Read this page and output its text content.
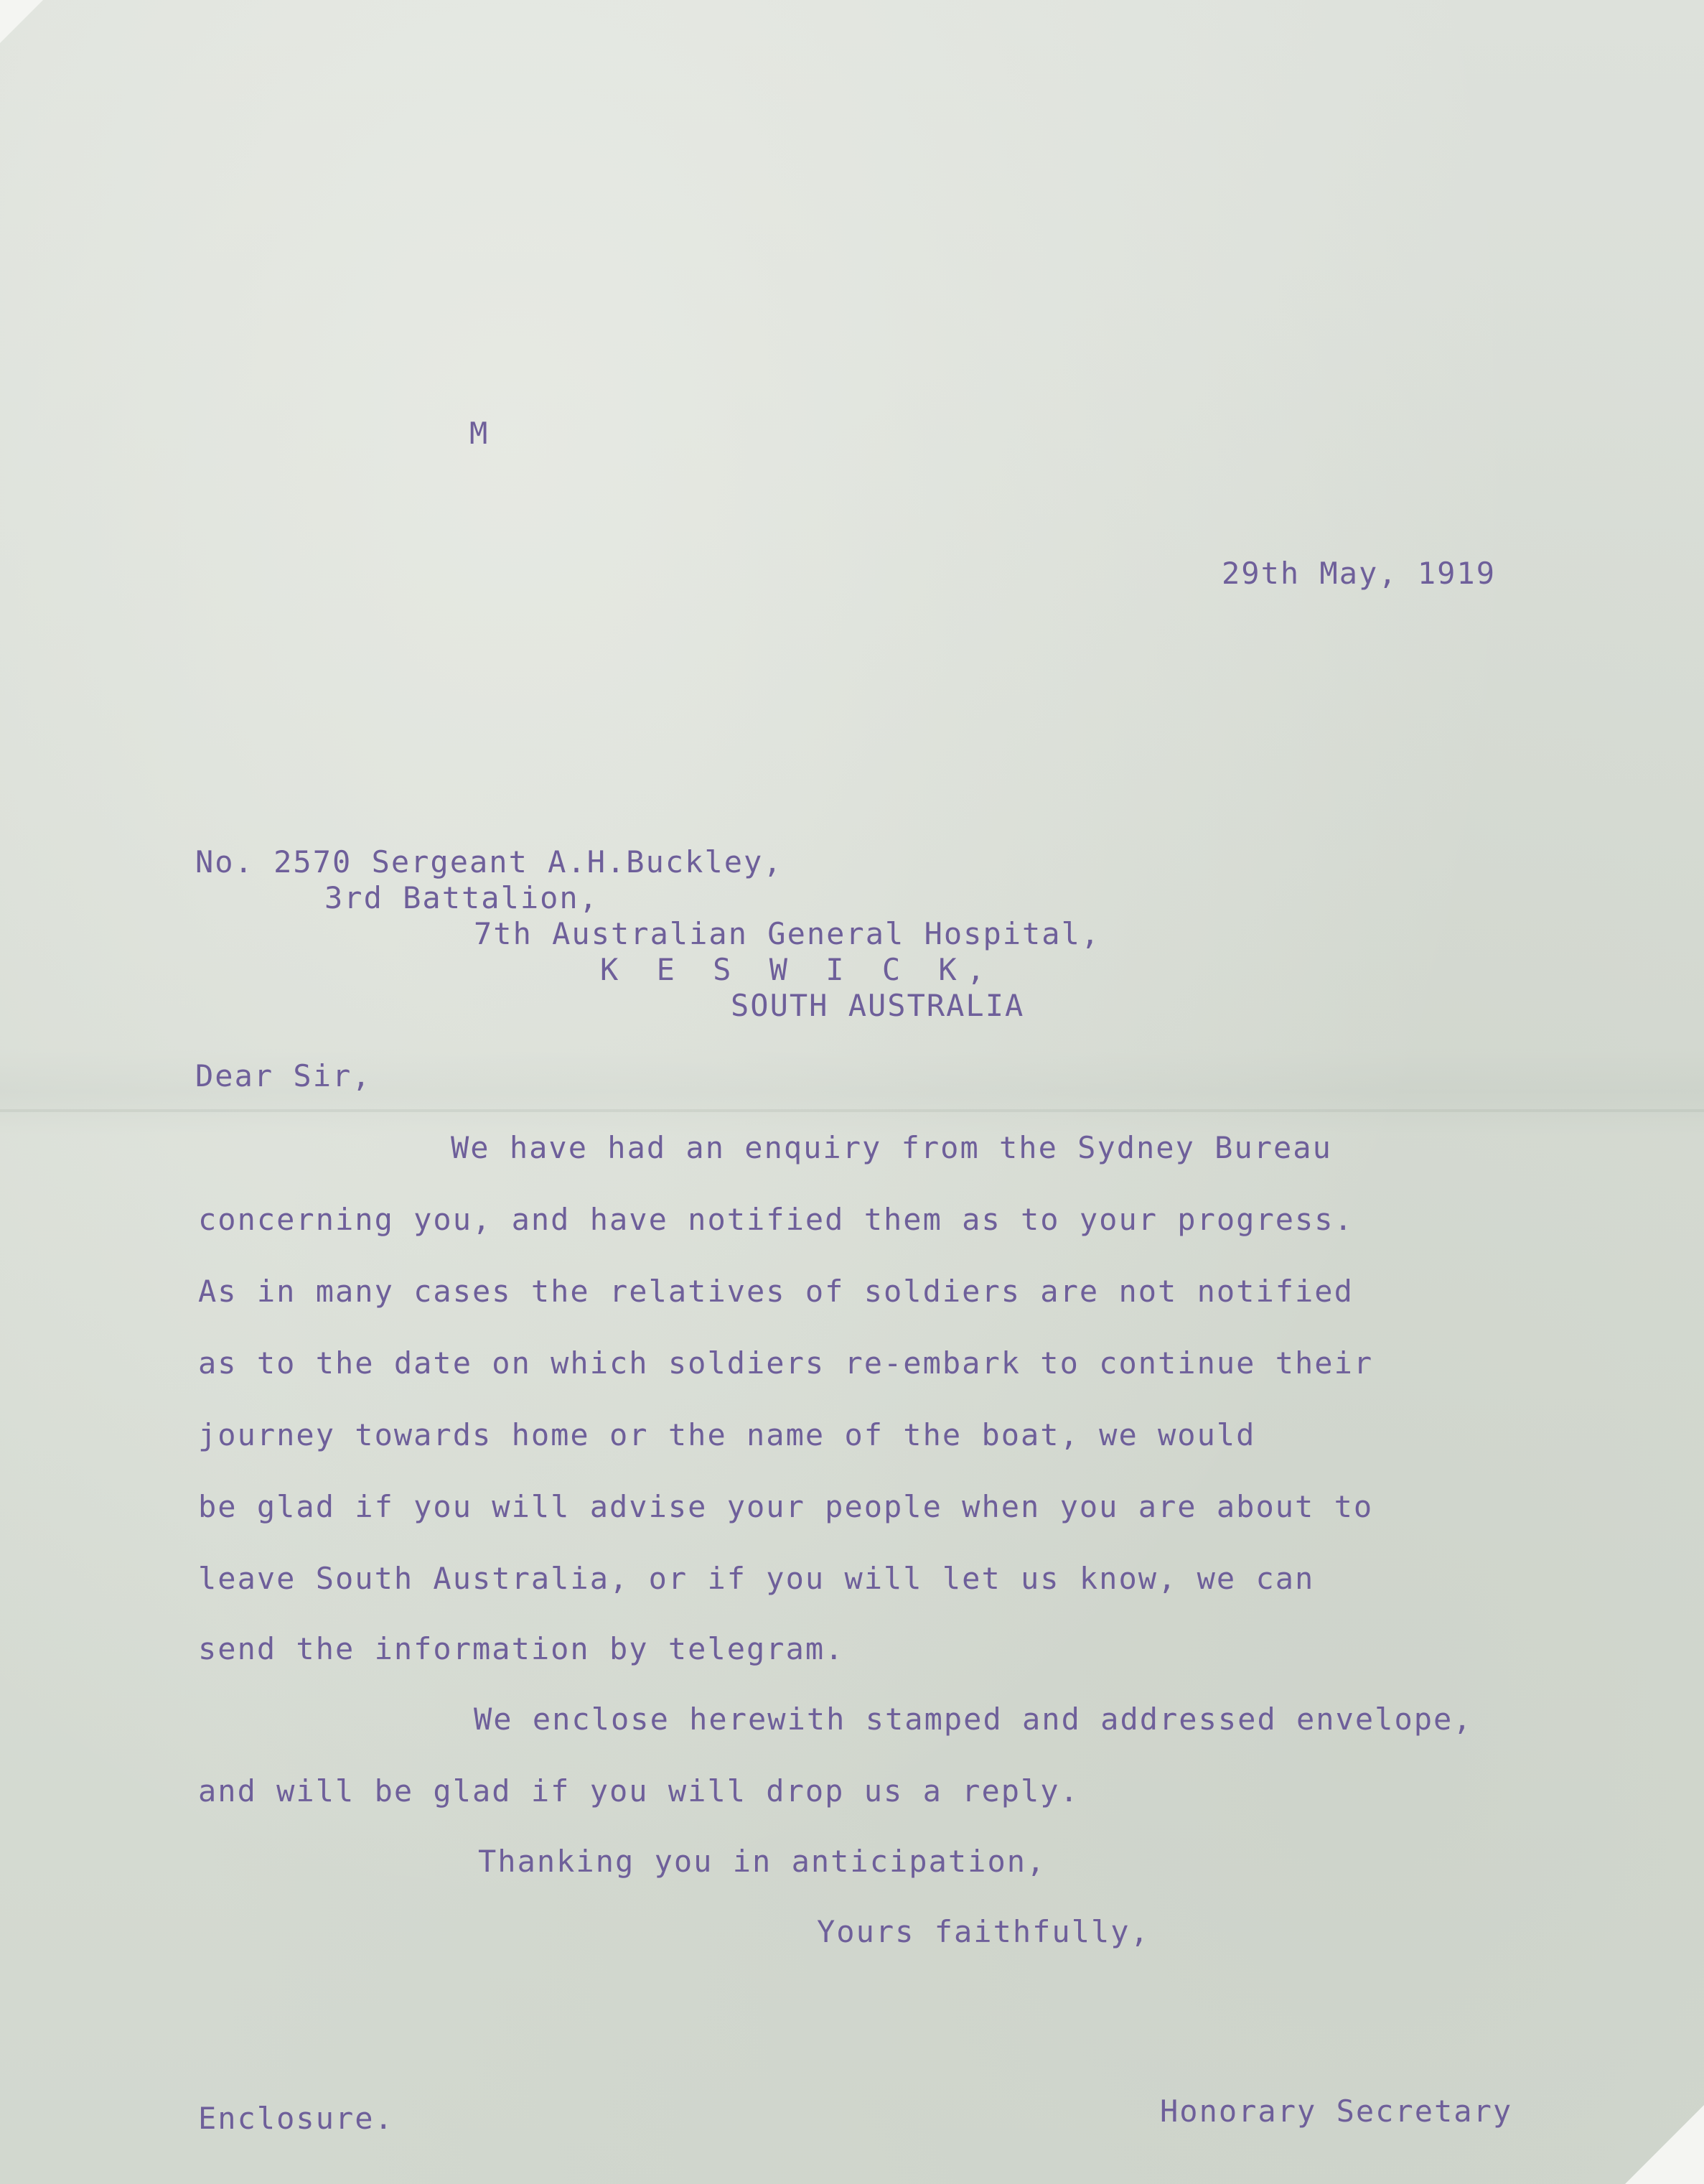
M
29th May, 1919
No. 2570 Sergeant A.H.Buckley,
3rd Battalion,
7th Australian General Hospital,
K E S W I C K,
SOUTH AUSTRALIA
Dear Sir,
We have had an enquiry from the Sydney Bureau
concerning you, and have notified them as to your progress.
As in many cases the relatives of soldiers are not notified
as to the date on which soldiers re-embark to continue their
journey towards home or the name of the boat, we would
be glad if you will advise your people when you are about to
leave South Australia, or if you will let us know, we can
send the information by telegram.
We enclose herewith stamped and addressed envelope,
and will be glad if you will drop us a reply.
Thanking you in anticipation,
Yours faithfully,
Enclosure.	Honorary Secretary
